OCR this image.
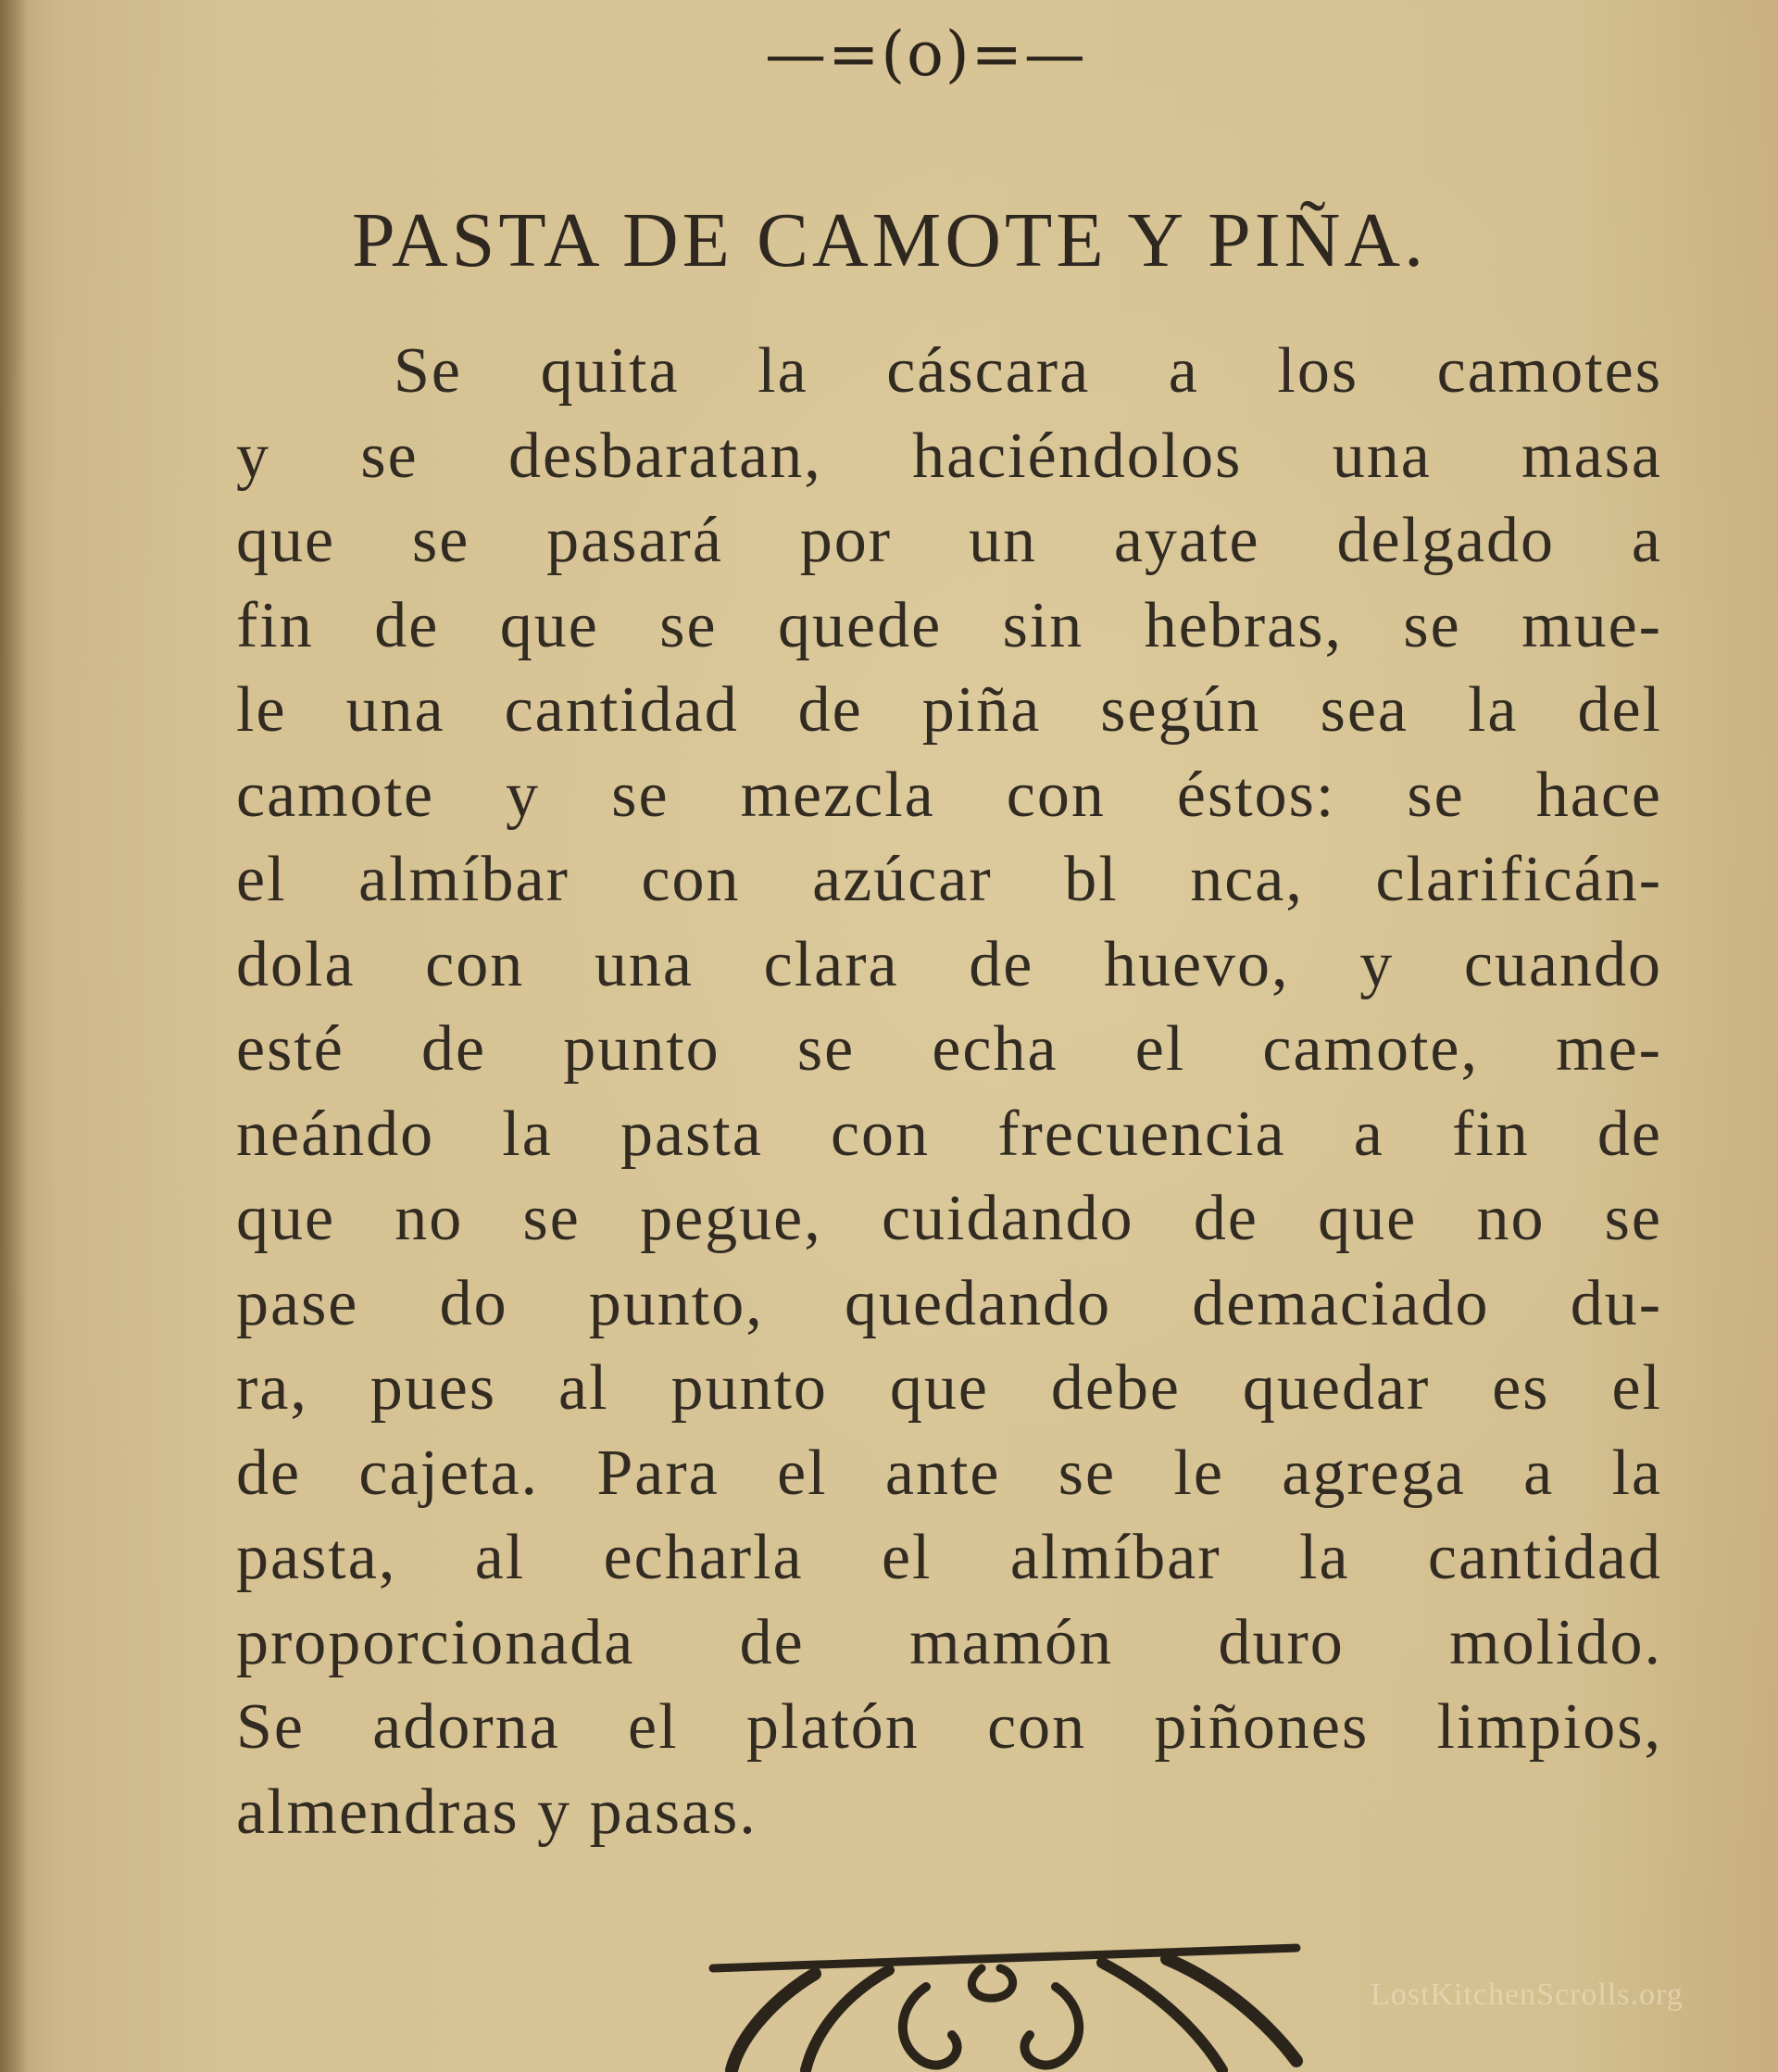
—=(o)=—
PASTA DE CAMOTE Y PIÑA.
Se quita la cáscara a los camotes
y se desbaratan, haciéndolos una masa
que se pasará por un ayate delgado a
fin de que se quede sin hebras, se mue-
le una cantidad de piña según sea la del
camote y se mezcla con éstos: se hace
el almíbar con azúcar bl nca, clarificán-
dola con una clara de huevo, y cuando
esté de punto se echa el camote, me-
neándo la pasta con frecuencia a fin de
que no se pegue, cuidando de que no se
pase do punto, quedando demaciado du-
ra, pues al punto que debe quedar es el
de cajeta. Para el ante se le agrega a la
pasta, al echarla el almíbar la cantidad
proporcionada de mamón duro molido.
Se adorna el platón con piñones limpios,
almendras y pasas.
LostKitchenScrolls.org
